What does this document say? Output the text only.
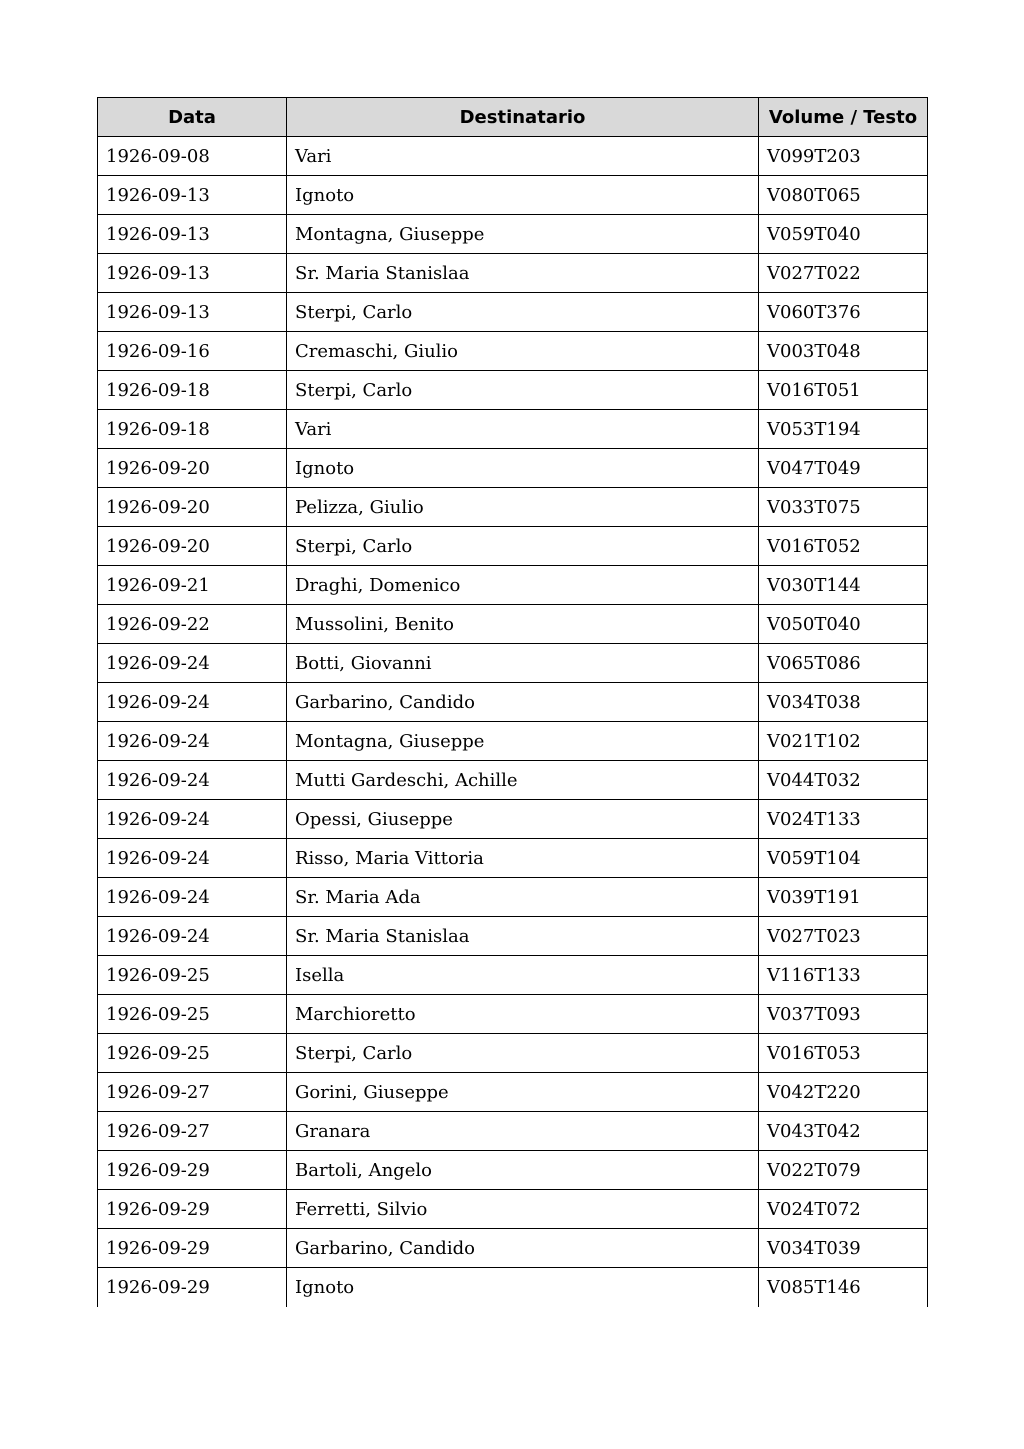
Data	Destinatario	Volume / Testo
1926-09-08	Vari	V099T203
1926-09-13	Ignoto	V080T065
1926-09-13	Montagna, Giuseppe	V059T040
1926-09-13	Sr. Maria Stanislaa	V027T022
1926-09-13	Sterpi, Carlo	V060T376
1926-09-16	Cremaschi, Giulio	V003T048
1926-09-18	Sterpi, Carlo	V016T051
1926-09-18	Vari	V053T194
1926-09-20	Ignoto	V047T049
1926-09-20	Pelizza, Giulio	V033T075
1926-09-20	Sterpi, Carlo	V016T052
1926-09-21	Draghi, Domenico	V030T144
1926-09-22	Mussolini, Benito	V050T040
1926-09-24	Botti, Giovanni	V065T086
1926-09-24	Garbarino, Candido	V034T038
1926-09-24	Montagna, Giuseppe	V021T102
1926-09-24	Mutti Gardeschi, Achille	V044T032
1926-09-24	Opessi, Giuseppe	V024T133
1926-09-24	Risso, Maria Vittoria	V059T104
1926-09-24	Sr. Maria Ada	V039T191
1926-09-24	Sr. Maria Stanislaa	V027T023
1926-09-25	Isella	V116T133
1926-09-25	Marchioretto	V037T093
1926-09-25	Sterpi, Carlo	V016T053
1926-09-27	Gorini, Giuseppe	V042T220
1926-09-27	Granara	V043T042
1926-09-29	Bartoli, Angelo	V022T079
1926-09-29	Ferretti, Silvio	V024T072
1926-09-29	Garbarino, Candido	V034T039
1926-09-29	Ignoto	V085T146
